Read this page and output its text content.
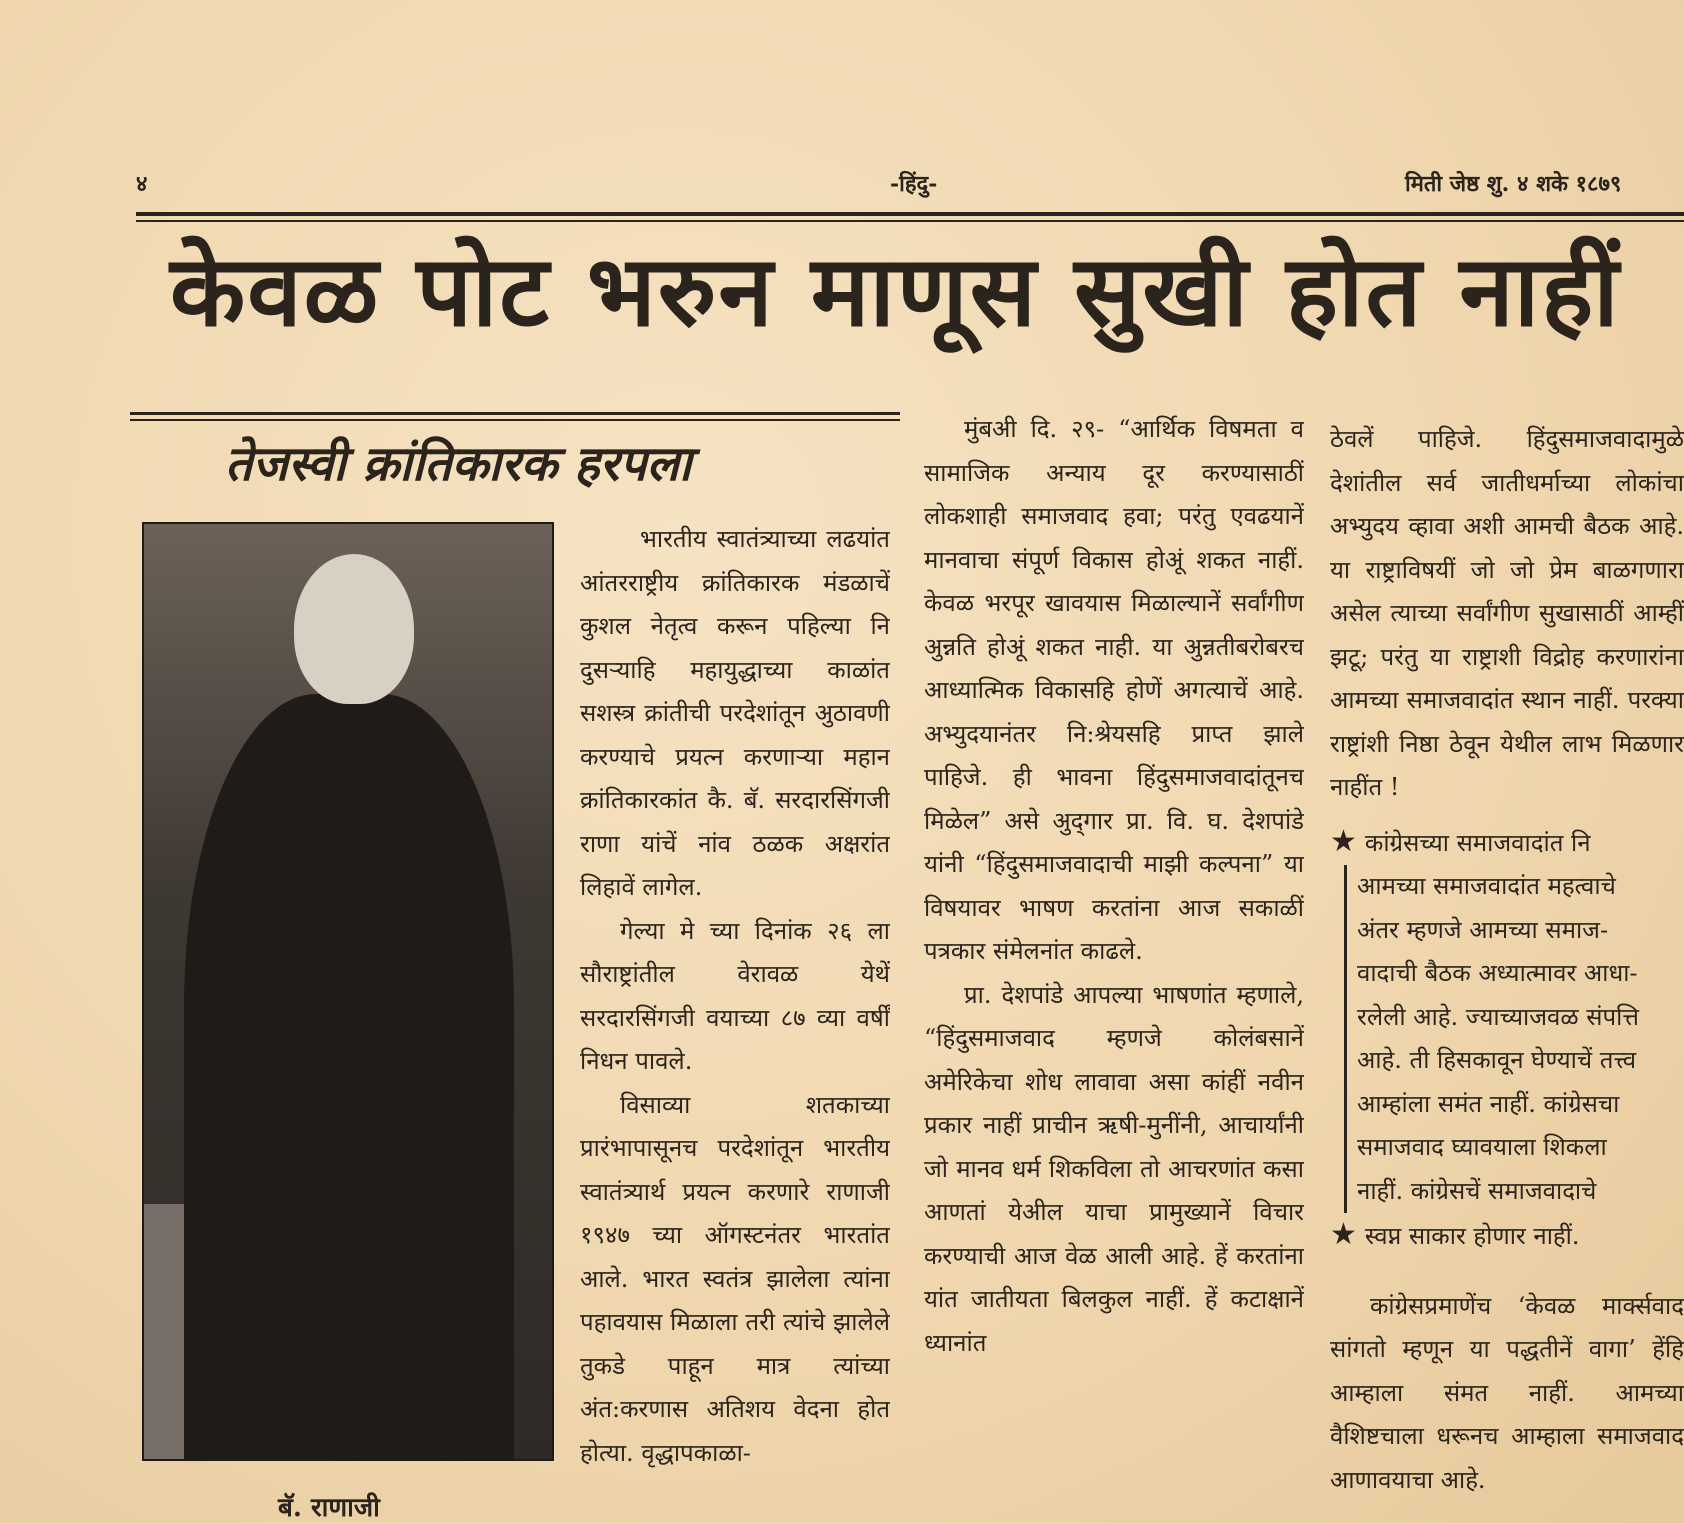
४	-हिंदु-	मिती जेष्ठ शु. ४ शके १८७९
केवळ पोट भरुन माणूस सुखी होत नाहीं
तेजस्वी क्रांतिकारक हरपला
बॅ. राणाजी

भारतीय स्वातंत्र्याच्या लढयांत आंतरराष्ट्रीय क्रांतिकारक मंडळाचें कुशल नेतृत्व करून पहिल्या नि दुसऱ्याहि महायुद्धाच्या काळांत सशस्त्र क्रांतीची परदेशांतून अुठावणी करण्याचे प्रयत्न करणाऱ्या महान क्रांतिकारकांत कै. बॅ. सरदारसिंगजी राणा यांचें नांव ठळक अक्षरांत लिहावें लागेल.

गेल्या मे च्या दिनांक २६ ला सौराष्ट्रांतील वेरावळ येथें सरदारसिंगजी वयाच्या ८७ व्या वर्षीं निधन पावले.

विसाव्या शतकाच्या प्रारंभापासूनच परदेशांतून भारतीय स्वातंत्र्यार्थ प्रयत्न करणारे राणाजी १९४७ च्या ऑगस्टनंतर भारतांत आले. भारत स्वतंत्र झालेला त्यांना पहावयास मिळाला तरी त्यांचे झालेले तुकडे पाहून मात्र त्यांच्या अंत:करणास अतिशय वेदना होत होत्या. वृद्धापकाळा-

मुंबअी दि. २९- “आर्थिक विषमता व सामाजिक अन्याय दूर करण्यासाठीं लोकशाही समाजवाद हवा; परंतु एवढयानें मानवाचा संपूर्ण विकास होअूं शकत नाहीं. केवळ भरपूर खावयास मिळाल्यानें सर्वांगीण अुन्नति होअूं शकत नाही. या अुन्नतीबरोबरच आध्यात्मिक विकासहि होणें अगत्याचें आहे. अभ्युदयानंतर नि:श्रेयसहि प्राप्त झाले पाहिजे. ही भावना हिंदुसमाजवादांतूनच मिळेल” असे अुद्‌गार प्रा. वि. घ. देशपांडे यांनी “हिंदुसमाजवादाची माझी कल्पना” या विषयावर भाषण करतांना आज सकाळीं पत्रकार संमेलनांत काढले.

प्रा. देशपांडे आपल्या भाषणांत म्हणाले, “हिंदुसमाजवाद म्हणजे कोलंबसानें अमेरिकेचा शोध लावावा असा कांहीं नवीन प्रकार नाहीं प्राचीन ऋषी-मुनींनी, आचार्यांनी जो मानव धर्म शिकविला तो आचरणांत कसा आणतां येअील याचा प्रामुख्यानें विचार करण्याची आज वेळ आली आहे. हें करतांना यांत जातीयता बिलकुल नाहीं. हें कटाक्षानें ध्यानांत

ठेवलें पाहिजे. हिंदुसमाजवादामुळे देशांतील सर्व जातीधर्माच्या लोकांचा अभ्युदय व्हावा अशी आमची बैठक आहे. या राष्ट्राविषयीं जो जो प्रेम बाळगणारा असेल त्याच्या सर्वांगीण सुखासाठीं आम्हीं झटू; परंतु या राष्ट्राशी विद्रोह करणारांना आमच्या समाजवादांत स्थान नाहीं. परक्या राष्ट्रांशी निष्ठा ठेवून येथील लाभ मिळणार नाहींत !

★ कांग्रेसच्या समाजवादांत नि
आमच्या समाजवादांत महत्वाचे
अंतर म्हणजे आमच्या समाज-
वादाची बैठक अध्यात्मावर आधा-
रलेली आहे. ज्याच्याजवळ संपत्ति
आहे. ती हिसकावून घेण्याचें तत्त्व
आम्हांला समंत नाहीं. कांग्रेसचा
समाजवाद घ्यावयाला शिकला
नाहीं. कांग्रेसचें समाजवादाचे
★ स्वप्न साकार होणार नाहीं.

कांग्रेसप्रमाणेंच ‘केवळ मार्क्सवाद सांगतो म्हणून या पद्धतीनें वागा’ हेंहि आम्हाला संमत नाहीं. आमच्या वैशिष्टचाला धरूनच आम्हाला समाजवाद आणावयाचा आहे.
